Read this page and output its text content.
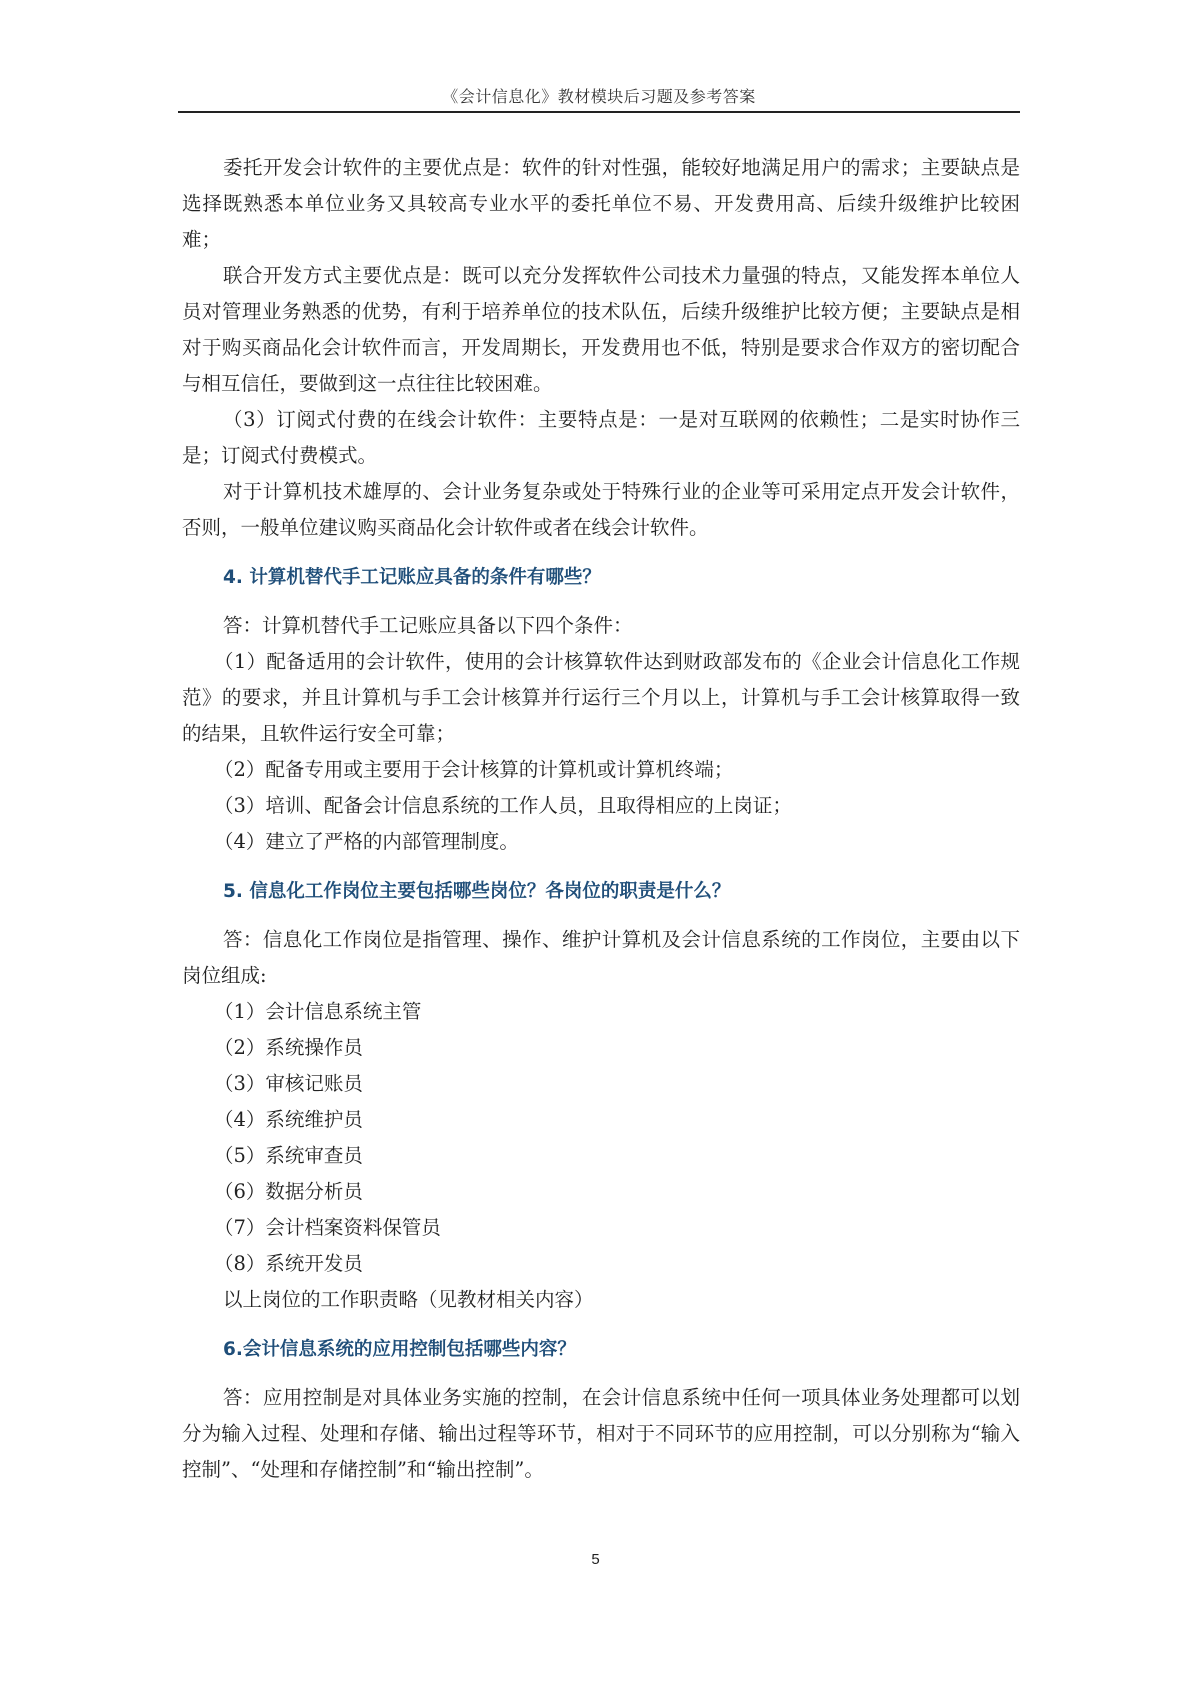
《会计信息化》教材模块后习题及参考答案

委托开发会计软件的主要优点是：软件的针对性强，能较好地满足用户的需求；主要缺点是选择既熟悉本单位业务又具较高专业水平的委托单位不易、开发费用高、后续升级维护比较困难；

联合开发方式主要优点是：既可以充分发挥软件公司技术力量强的特点，又能发挥本单位人员对管理业务熟悉的优势，有利于培养单位的技术队伍，后续升级维护比较方便；主要缺点是相对于购买商品化会计软件而言，开发周期长，开发费用也不低，特别是要求合作双方的密切配合与相互信任，要做到这一点往往比较困难。

（3）订阅式付费的在线会计软件：主要特点是：一是对互联网的依赖性；二是实时协作三是；订阅式付费模式。

对于计算机技术雄厚的、会计业务复杂或处于特殊行业的企业等可采用定点开发会计软件，否则，一般单位建议购买商品化会计软件或者在线会计软件。

4. 计算机替代手工记账应具备的条件有哪些？

答：计算机替代手工记账应具备以下四个条件：

（1）配备适用的会计软件，使用的会计核算软件达到财政部发布的《企业会计信息化工作规范》的要求，并且计算机与手工会计核算并行运行三个月以上，计算机与手工会计核算取得一致的结果，且软件运行安全可靠；

（2）配备专用或主要用于会计核算的计算机或计算机终端；

（3）培训、配备会计信息系统的工作人员，且取得相应的上岗证；

（4）建立了严格的内部管理制度。

5. 信息化工作岗位主要包括哪些岗位？各岗位的职责是什么？

答：信息化工作岗位是指管理、操作、维护计算机及会计信息系统的工作岗位，主要由以下岗位组成:

（1）会计信息系统主管

（2）系统操作员

（3）审核记账员

（4）系统维护员

（5）系统审查员

（6）数据分析员

（7）会计档案资料保管员

（8）系统开发员

以上岗位的工作职责略（见教材相关内容）

6.会计信息系统的应用控制包括哪些内容？

答：应用控制是对具体业务实施的控制，在会计信息系统中任何一项具体业务处理都可以划分为输入过程、处理和存储、输出过程等环节，相对于不同环节的应用控制，可以分别称为“输入控制”、“处理和存储控制”和“输出控制”。

5
